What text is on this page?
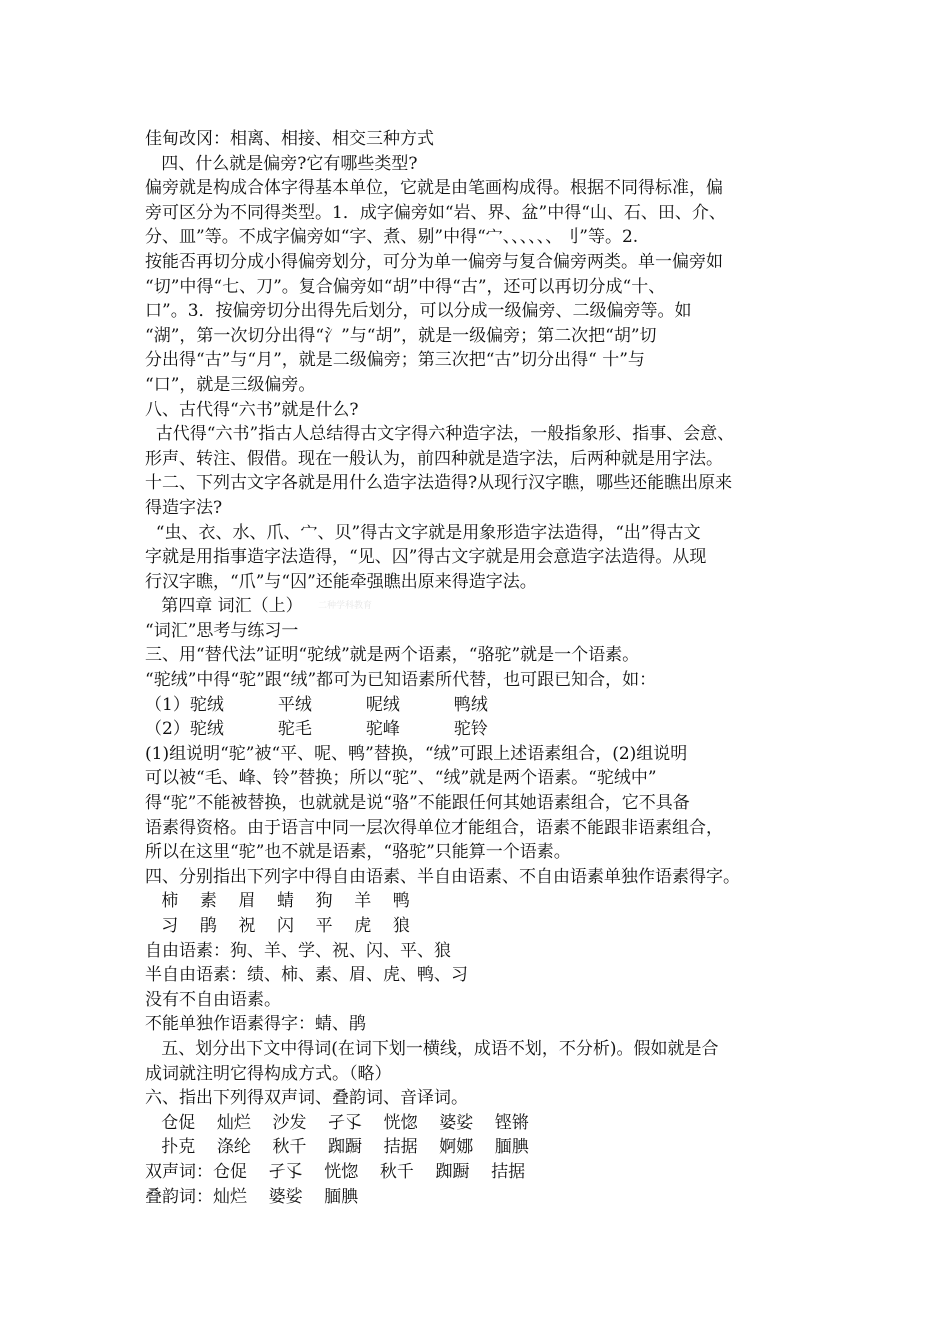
佳甸改冈：相离、相接、相交三种方式
四、什么就是偏旁?它有哪些类型?
偏旁就是构成合体字得基本单位，它就是由笔画构成得。根据不同得标准，偏
旁可区分为不同得类型。1．成字偏旁如“岩、界、盆”中得“山、石、田、介、
分、皿”等。不成字偏旁如“字、煮、剔”中得“宀、、、、、、刂”等。2.
按能否再切分成小得偏旁划分，可分为单一偏旁与复合偏旁两类。单一偏旁如
“切”中得“七、刀”。复合偏旁如“胡”中得“古”，还可以再切分成“十、
口”。3．按偏旁切分出得先后划分，可以分成一级偏旁、二级偏旁等。如
“湖”，第一次切分出得“氵”与“胡”，就是一级偏旁；第二次把“胡”切
分出得“古”与“月”，就是二级偏旁；第三次把“古”切分出得“ 十”与
“口”，就是三级偏旁。
八、古代得“六书”就是什么?
古代得“六书”指古人总结得古文字得六种造字法，一般指象形、指事、会意、
形声、转注、假借。现在一般认为，前四种就是造字法，后两种就是用字法。
十二、下列古文字各就是用什么造字法造得?从现行汉字瞧，哪些还能瞧出原来
得造字法?
“虫、衣、水、爪、宀、贝”得古文字就是用象形造字法造得，“出”得古文
字就是用指事造字法造得，“见、囚”得古文字就是用会意造字法造得。从现
行汉字瞧，“爪”与“囚”还能牵强瞧出原来得造字法。
第四章 词汇（上）
“词汇”思考与练习一
三、用“替代法”证明“驼绒”就是两个语素，“骆驼”就是一个语素。
“驼绒”中得“驼”跟“绒”都可为已知语素所代替，也可跟已知合，如：
（1）驼绒          平绒          呢绒          鸭绒
（2）驼绒          驼毛          驼峰          驼铃
(1)组说明“驼”被“平、呢、鸭”替换，“绒”可跟上述语素组合，(2)组说明
可以被“毛、峰、铃”替换；所以“驼”、“绒”就是两个语素。“驼绒中”
得“驼”不能被替换，也就就是说“骆”不能跟任何其她语素组合，它不具备
语素得资格。由于语言中同一层次得单位才能组合，语素不能跟非语素组合，
所以在这里“驼”也不就是语素，“骆驼”只能算一个语素。
四、分别指出下列字中得自由语素、半自由语素、不自由语素单独作语素得字。
柿    素    眉    蜻    狗    羊    鸭
习    鹃    祝    闪    平    虎    狼
自由语素：狗、羊、学、祝、闪、平、狼
半自由语素：绩、柿、素、眉、虎、鸭、习
没有不自由语素。
不能单独作语素得字：蜻、鹃
五、划分出下文中得词(在词下划一横线，成语不划，不分析)。假如就是合
成词就注明它得构成方式。（略）
六、指出下列得双声词、叠韵词、音译词。
仓促    灿烂    沙发    孑孓    恍惚    婆娑    铿锵
扑克    涤纶    秋千    踟蹰    拮据    婀娜    腼腆
双声词：仓促    孑孓    恍惚    秋千    踟蹰    拮据
叠韵词：灿烂    婆娑    腼腆
二种学科教育
